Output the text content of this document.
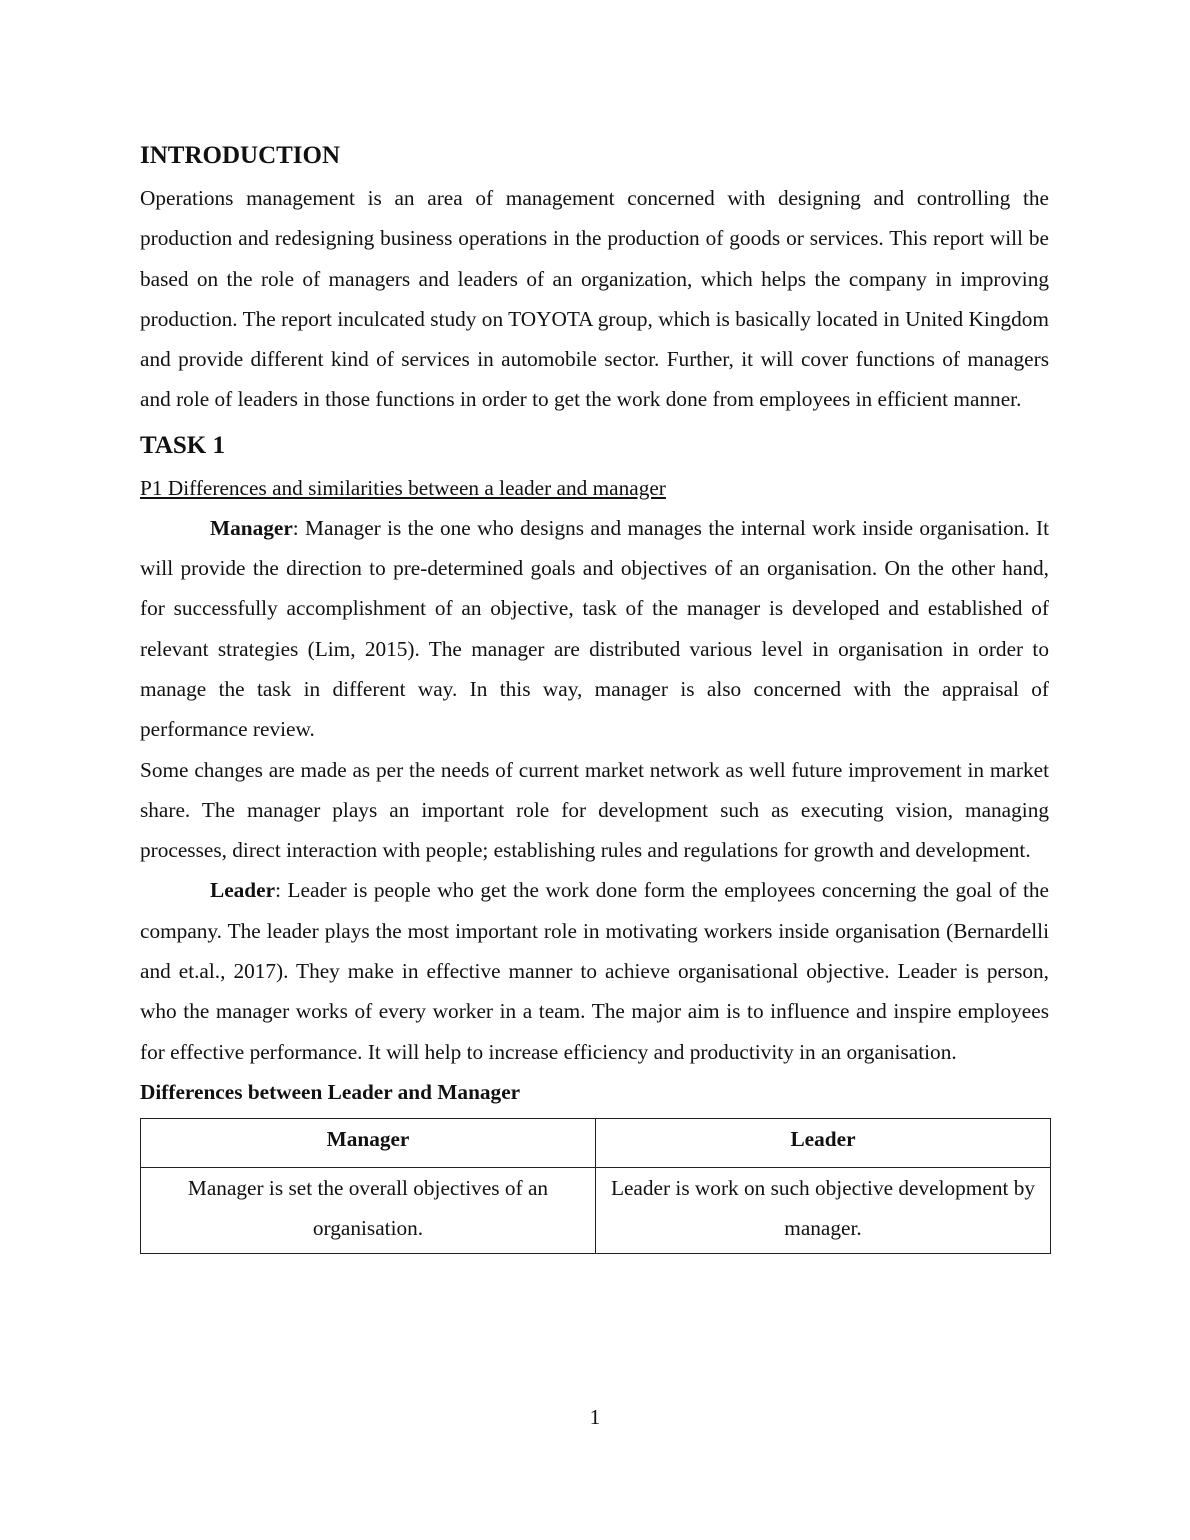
INTRODUCTION

Operations management is an area of management concerned with designing and controlling the production and redesigning business operations in the production of goods or services. This report will be based on the role of managers and leaders of an organization, which helps the company in improving production. The report inculcated study on TOYOTA group, which is basically located in United Kingdom and provide different kind of services in automobile sector. Further, it will cover functions of managers and role of leaders in those functions in order to get the work done from employees in efficient manner.

TASK 1
P1 Differences and similarities between a leader and manager

Manager: Manager is the one who designs and manages the internal work inside organisation. It will provide the direction to pre-determined goals and objectives of an organisation. On the other hand, for successfully accomplishment of an objective, task of the manager is developed and established of relevant strategies (Lim, 2015). The manager are distributed various level in organisation in order to manage the task in different way. In this way, manager is also concerned with the appraisal of performance review.

Some changes are made as per the needs of current market network as well future improvement in market share. The manager plays an important role for development such as executing vision, managing processes, direct interaction with people; establishing rules and regulations for growth and development.

Leader: Leader is people who get the work done form the employees concerning the goal of the company. The leader plays the most important role in motivating workers inside organisation (Bernardelli and et.al., 2017). They make in effective manner to achieve organisational objective. Leader is person, who the manager works of every worker in a team. The major aim is to influence and inspire employees for effective performance. It will help to increase efficiency and productivity in an organisation.

Differences between Leader and Manager
Manager	Leader
Manager is set the overall objectives of an organisation.	Leader is work on such objective development by manager.
1
